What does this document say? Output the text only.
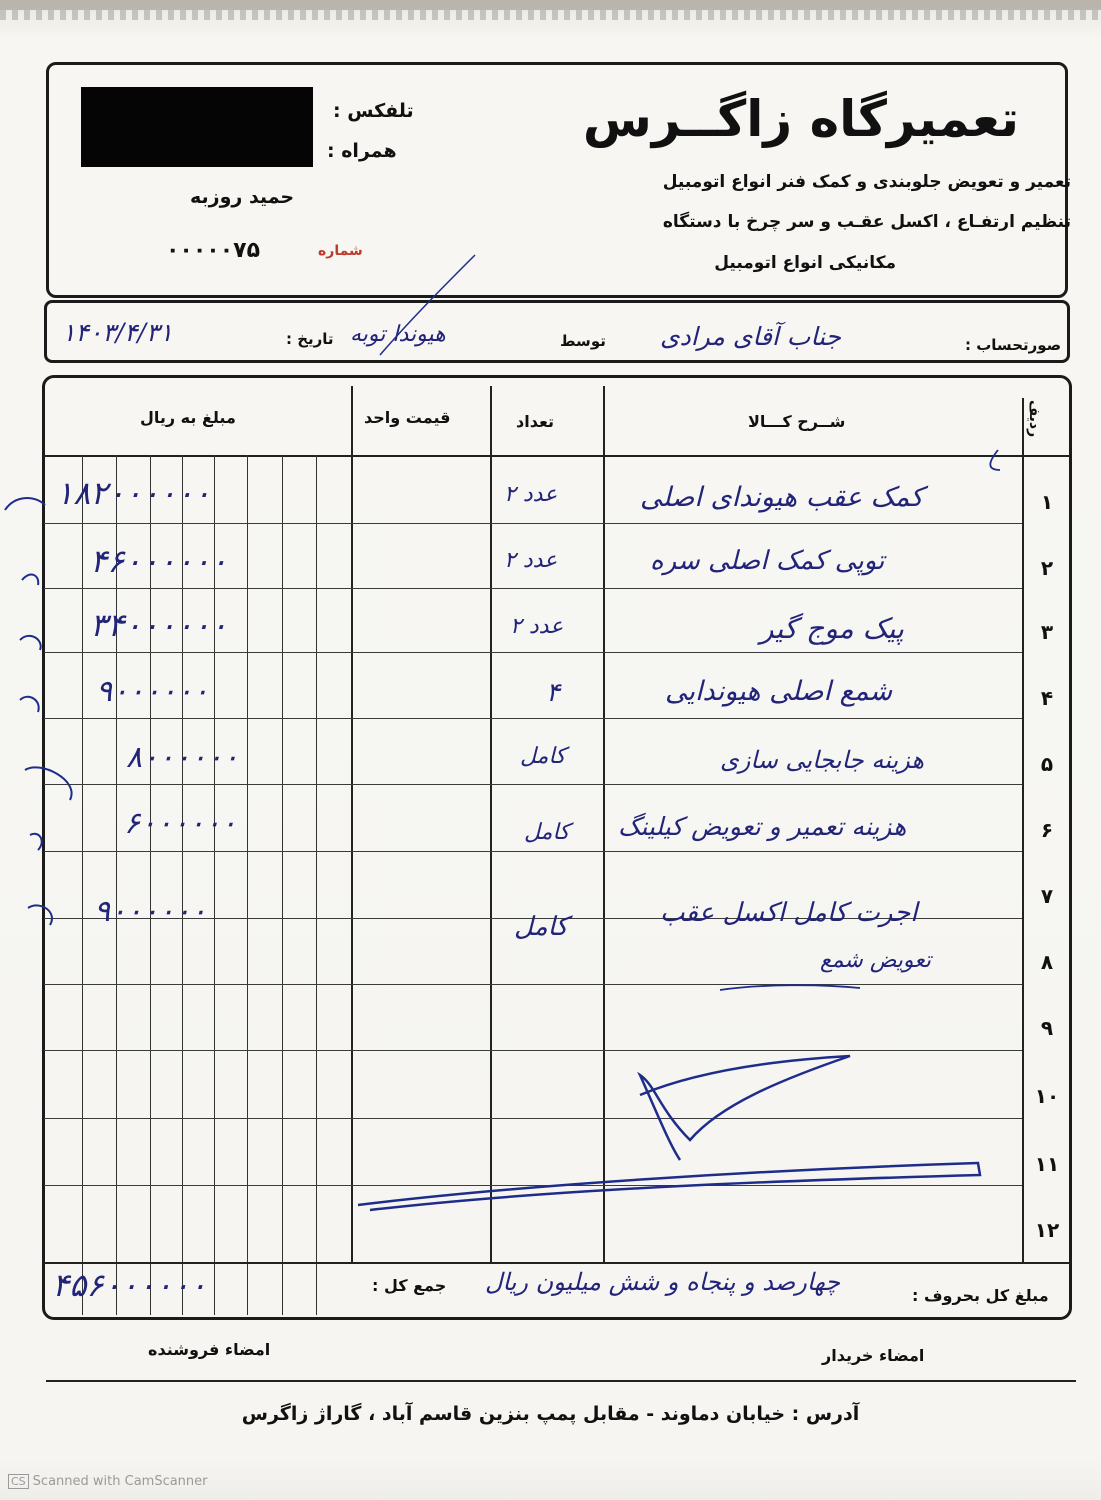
تعمیرگاه زاگــرس
تعمیر و تعویض جلوبندی و کمک فنر انواع اتومبیل
تنظیم ارتفـاع ، اکسل عقـب و سر چرخ با دستگاه
مکانیکی انواع اتومبیل
تلفکس :
همراه :
حمید روزبه
۰۰۰۰۰۷۵	شماره
صورتحساب :
جناب آقای مرادی
توسط
هیوندا توبه
تاریخ :
۱۴۰۳/۴/۳۱
ردیف
شــرح کـــالا
تعداد
قیمت واحد
مبلغ به ریال
۱
۲
۳
۴
۵
۶
۷
۸
۹
۱۰
۱۱
۱۲
کمک عقب هیوندای اصلی
توپی کمک اصلی سره
پیک موج گیر
شمع اصلی هیوندایی
هزینه جابجایی سازی
هزینه تعمیر و تعویض کیلینگ
اجرت کامل اکسل عقب
تعویض شمع
۲ عدد
۲ عدد
۲ عدد
۴
کامل
کامل
کامل
۱۸۲۰۰۰۰۰۰
۴۶۰۰۰۰۰۰
۳۴۰۰۰۰۰۰
۹۰۰۰۰۰۰
۸۰۰۰۰۰۰
۶۰۰۰۰۰۰
۹۰۰۰۰۰۰
مبلغ کل بحروف :
چهارصد و پنجاه و شش میلیون ریال
جمع کل :
۴۵۶۰۰۰۰۰۰
امضاء خریدار
امضاء فروشنده
آدرس : خیابان دماوند - مقابل پمپ بنزین قاسم آباد ، گاراژ زاگرس
CS Scanned with CamScanner
